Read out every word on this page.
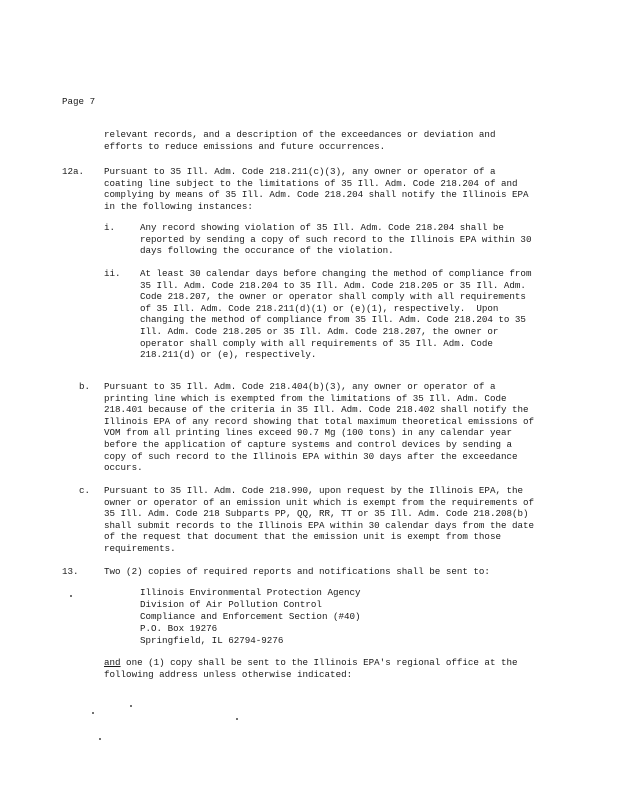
Page 7
relevant records, and a description of the exceedances or deviation and efforts to reduce emissions and future occurrences.
12a. Pursuant to 35 Ill. Adm. Code 218.211(c)(3), any owner or operator of a coating line subject to the limitations of 35 Ill. Adm. Code 218.204 of and complying by means of 35 Ill. Adm. Code 218.204 shall notify the Illinois EPA in the following instances:
i.	Any record showing violation of 35 Ill. Adm. Code 218.204 shall be reported by sending a copy of such record to the Illinois EPA within 30 days following the occurance of the violation.
ii. At least 30 calendar days before changing the method of compliance from 35 Ill. Adm. Code 218.204 to 35 Ill. Adm. Code 218.205 or 35 Ill. Adm. Code 218.207, the owner or operator shall comply with all requirements of 35 Ill. Adm. Code 218.211(d)(1) or (e)(1), respectively.  Upon changing the method of compliance from 35 Ill. Adm. Code 218.204 to 35 Ill. Adm. Code 218.205 or 35 Ill. Adm. Code 218.207, the owner or operator shall comply with all requirements of 35 Ill. Adm. Code 218.211(d) or (e), respectively.
b. Pursuant to 35 Ill. Adm. Code 218.404(b)(3), any owner or operator of a printing line which is exempted from the limitations of 35 Ill. Adm. Code 218.401 because of the criteria in 35 Ill. Adm. Code 218.402 shall notify the Illinois EPA of any record showing that total maximum theoretical emissions of VOM from all printing lines exceed 90.7 Mg (100 tons) in any calendar year before the application of capture systems and control devices by sending a copy of such record to the Illinois EPA within 30 days after the exceedance occurs.
c. Pursuant to 35 Ill. Adm. Code 218.990, upon request by the Illinois EPA, the owner or operator of an emission unit which is exempt from the requirements of 35 Ill. Adm. Code 218 Subparts PP, QQ, RR, TT or 35 Ill. Adm. Code 218.208(b) shall submit records to the Illinois EPA within 30 calendar days from the date of the request that document that the emission unit is exempt from those requirements.
13.	Two (2) copies of required reports and notifications shall be sent to:
Illinois Environmental Protection Agency
Division of Air Pollution Control
Compliance and Enforcement Section (#40)
P.O. Box 19276
Springfield, IL 62794-9276
and one (1) copy shall be sent to the Illinois EPA's regional office at the following address unless otherwise indicated:
